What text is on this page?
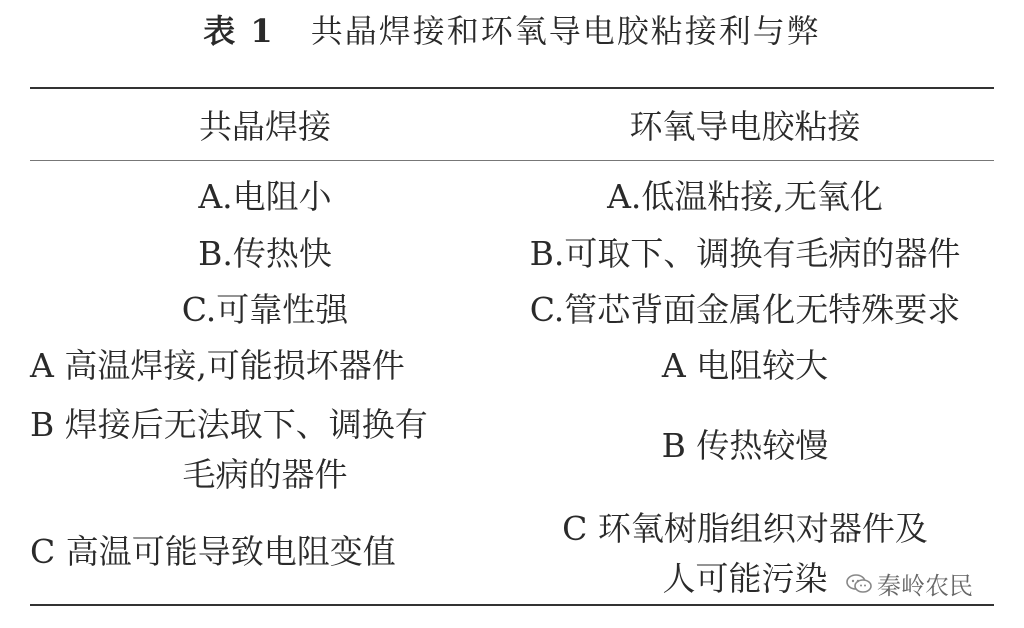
表 1 共晶焊接和环氧导电胶粘接利与弊
共晶焊接	环氧导电胶粘接
A.电阻小
B.传热快
C.可靠性强
A 高温焊接,可能损坏器件
B 焊接后无法取下、调换有
毛病的器件
C 高温可能导致电阻变值
A.低温粘接,无氧化
B.可取下、调换有毛病的器件
C.管芯背面金属化无特殊要求
A 电阻较大
B 传热较慢
C 环氧树脂组织对器件及
人可能污染	秦岭农民
